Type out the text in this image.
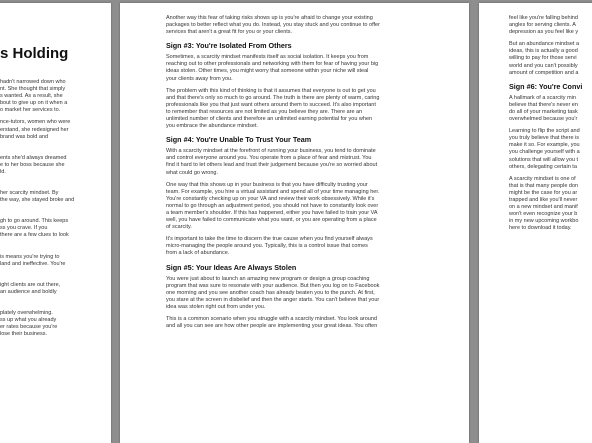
s Holding

hadn't narrowed down who
nt. She thought that simply
s wanted. As a result, she
bout to give up on it when a
o market her services to.

nce-tutors, women who were
erstand, she redesigned her
brand was bold and

ents she'd always dreamed
e to her boss because she
ld.

her scarcity mindset. By
the way, she stayed broke and

gh to go around. This keeps
ss you crave. If you
there are a few clues to look

is means you're trying to
land and ineffective. You're

ight clients are out there,
an audience and boldly

plately overwhelming.
ss up what you already
er rates because you're
lose their business.

Another way this fear of taking risks shows up is you're afraid to change your existing
packages to better reflect what you do. Instead, you stay stuck and you continue to offer
services that aren't a great fit for you or your clients.

Sign #3: You're Isolated From Others

Sometimes, a scarcity mindset manifests itself as social isolation. It keeps you from
reaching out to other professionals and networking with them for fear of having your big
ideas stolen. Other times, you might worry that someone within your niche will steal
your clients away from you.

The problem with this kind of thinking is that it assumes that everyone is out to get you
and that there's only so much to go around. The truth is there are plenty of warm, caring
professionals like you that just want others around them to succeed. It's also important
to remember that resources are not limited as you believe they are. There are an
unlimited number of clients and therefore an unlimited earning potential for you when
you embrace the abundance mindset.

Sign #4: You're Unable To Trust Your Team

With a scarcity mindset at the forefront of running your business, you tend to dominate
and control everyone around you. You operate from a place of fear and mistrust. You
find it hard to let others lead and trust their judgement because you're so worried about
what could go wrong.

One way that this shows up in your business is that you have difficulty trusting your
team. For example, you hire a virtual assistant and spend all of your time managing her.
You're constantly checking up on your VA and review their work obsessively. While it's
normal to go through an adjustment period, you should not have to constantly look over
a team member's shoulder. If this has happened, either you have failed to train your VA
well, you have failed to communicate what you want, or you are operating from a place
of scarcity.

It's important to take the time to discern the true cause when you find yourself always
micro-managing the people around you. Typically, this is a control issue that comes
from a lack of abundance.

Sign #5: Your Ideas Are Always Stolen

You were just about to launch an amazing new program or design a group coaching
program that was sure to resonate with your audience. But then you log on to Facebook
one morning and you see another coach has already beaten you to the punch. At first,
you stare at the screen in disbelief and then the anger starts. You can't believe that your
idea was stolen right out from under you.

This is a common scenario when you struggle with a scarcity mindset. You look around
and all you can see are how other people are implementing your great ideas. You often

feel like you're falling behind
angles for serving clients. A
depression as you feel like y

But an abundance mindset a
ideas, this is actually a good
willing to pay for those servi
world and you can't possibly
amount of competition and a

Sign #6: You're Convi

A hallmark of a scarcity min
believe that there's never en
do all of your marketing task
overwhelmed because you'r

Learning to flip the script and
you truly believe that there is
make it so. For example, you
you challenge yourself with a
solutions that will allow you t
others, delegating certain ta

A scarcity mindset is one of
that is that many people don
might be the case for you ar
trapped and like you'll never
on a new mindset and manif
won't even recognize your b
in my new upcoming workbo
here to download it today.
